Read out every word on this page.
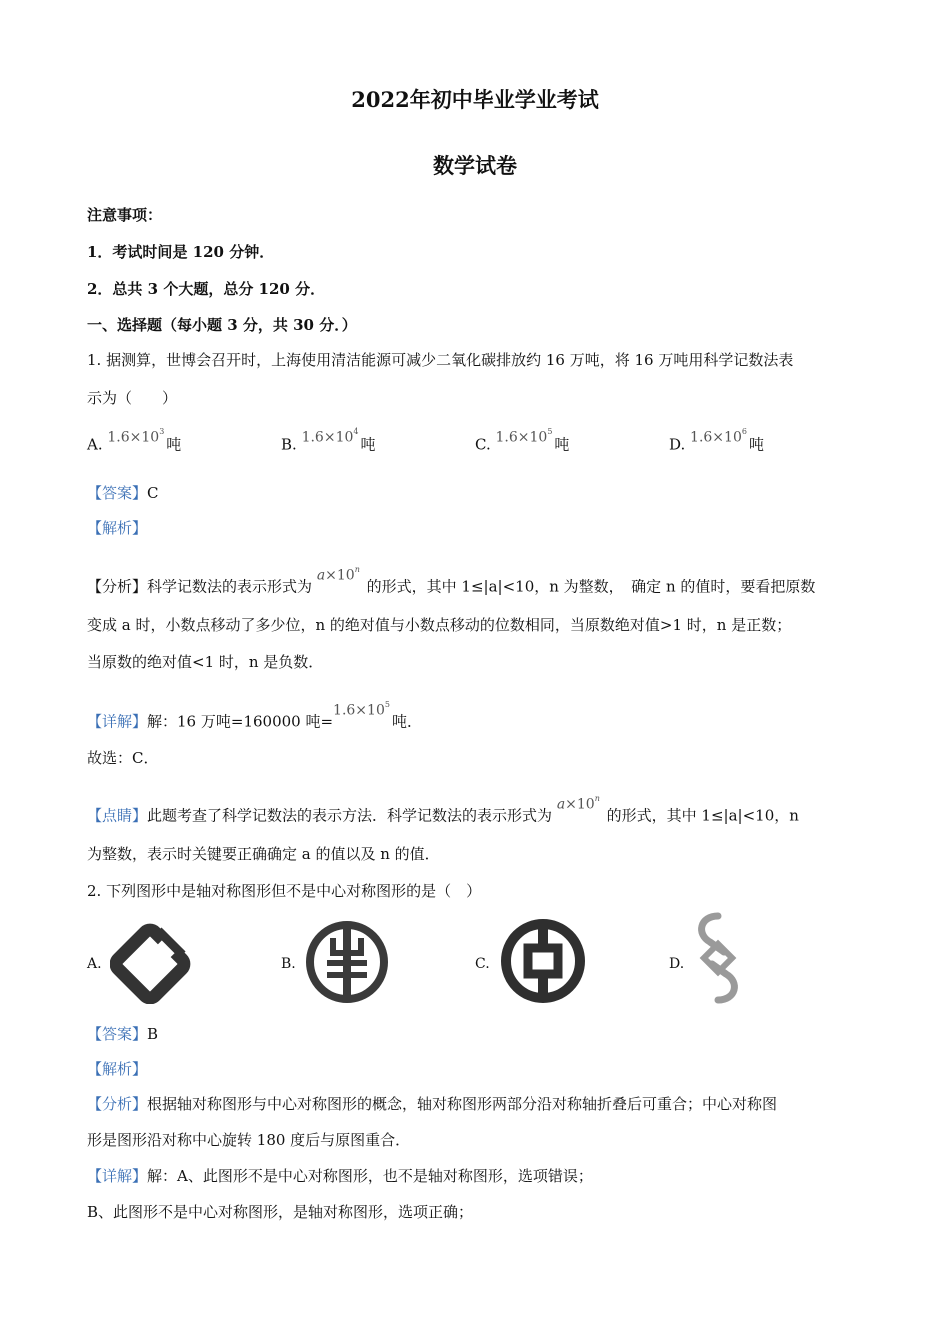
2022年初中毕业学业考试
数学试卷
注意事项：
1．考试时间是 120 分钟．
2．总共 3 个大题，总分 120 分．
一、选择题（每小题 3 分，共 30 分．）
1. 据测算，世博会召开时，上海使用清洁能源可减少二氧化碳排放约 16 万吨，将 16 万吨用科学记数法表
示为（　　）
A. $1.6\times 10^3$吨	B. $1.6\times 10^4$吨	C. $1.6\times 10^5$吨	D. $1.6\times 10^6$吨
【答案】C
【解析】
【分析】科学记数法的表示形式为 $a\times 10^n$ 的形式，其中 1≤|a|<10，n 为整数，　确定 n 的值时，要看把原数
变成 a 时，小数点移动了多少位，n 的绝对值与小数点移动的位数相同，当原数绝对值>1 时，n 是正数；
当原数的绝对值<1 时，n 是负数．
【详解】解：16 万吨=160000 吨$=1.6\times 10^5$吨．
故选：C．
【点睛】此题考查了科学记数法的表示方法．科学记数法的表示形式为 $a\times 10^n$ 的形式，其中 1≤|a|<10，n
为整数，表示时关键要正确确定 a 的值以及 n 的值．
2. 下列图形中是轴对称图形但不是中心对称图形的是（　）
A.	B.	C.	D.
【答案】B
【解析】
【分析】根据轴对称图形与中心对称图形的概念，轴对称图形两部分沿对称轴折叠后可重合；中心对称图
形是图形沿对称中心旋转 180 度后与原图重合．
【详解】解：A、此图形不是中心对称图形，也不是轴对称图形，选项错误；
B、此图形不是中心对称图形，是轴对称图形，选项正确；
